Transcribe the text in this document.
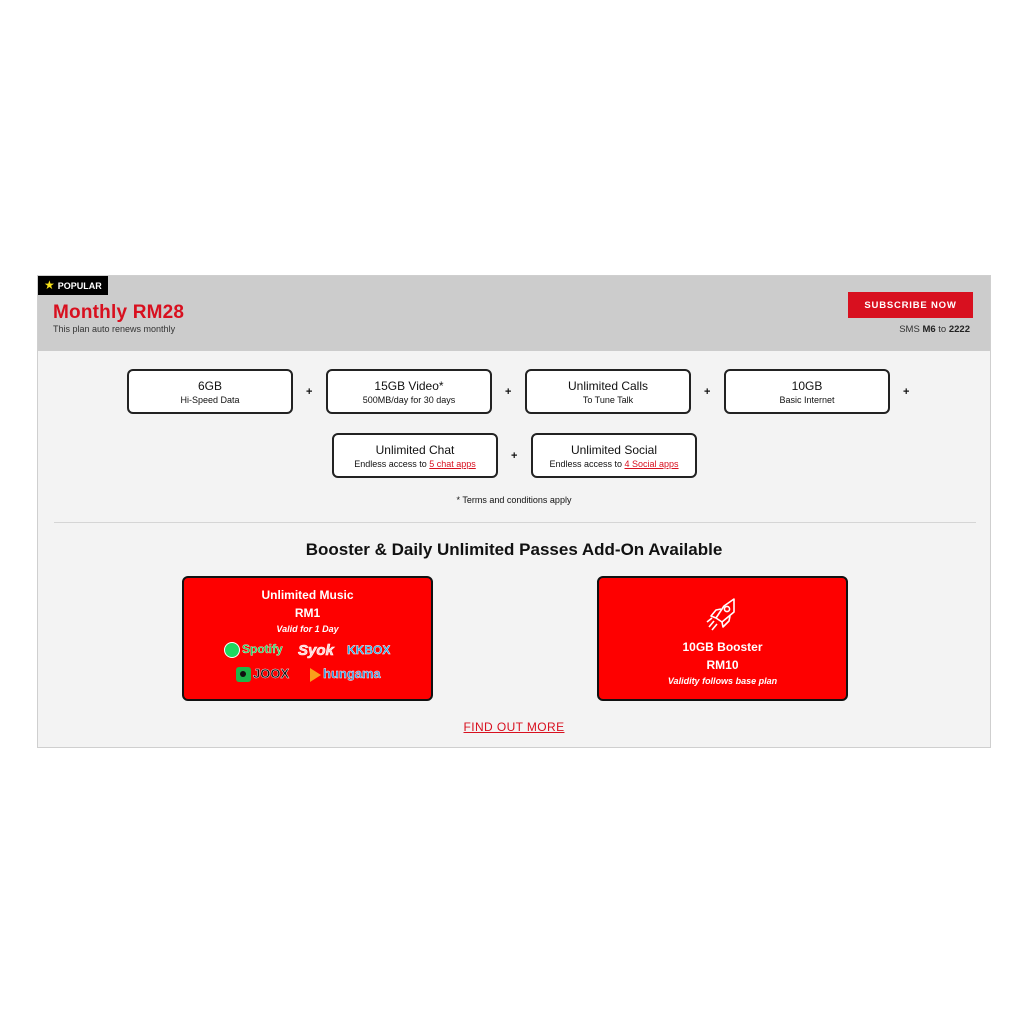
★ POPULAR
Monthly RM28
This plan auto renews monthly
SUBSCRIBE NOW
SMS M6 to 2222
6GB
Hi-Speed Data
+	15GB Video*
500MB/day for 30 days
+	Unlimited Calls
To Tune Talk
+	10GB
Basic Internet
+
Unlimited Chat
Endless access to 5 chat apps
+	Unlimited Social
Endless access to 4 Social apps
* Terms and conditions apply
Booster & Daily Unlimited Passes Add-On Available
Unlimited Music
RM1
Valid for 1 Day
Spotify Syok KKBOX
JOOX	hungama
10GB Booster
RM10
Validity follows base plan
FIND OUT MORE
